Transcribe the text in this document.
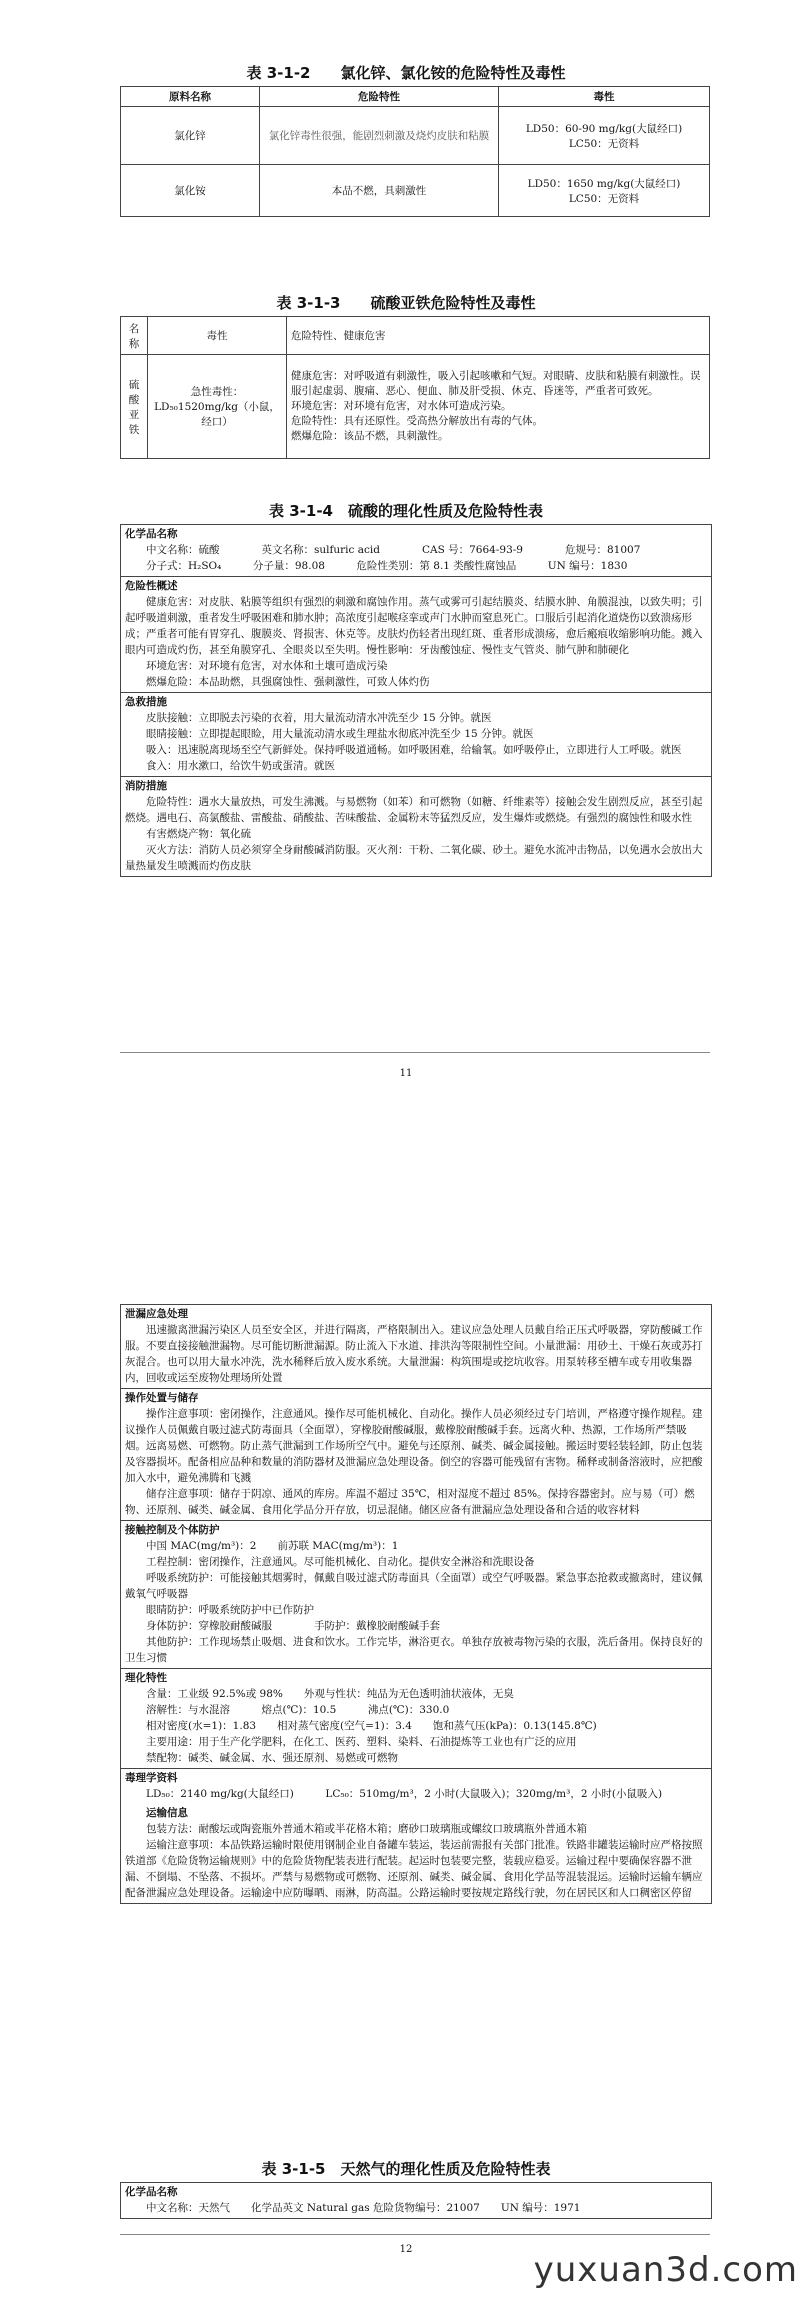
表 3-1-2　　氯化锌、氯化铵的危险特性及毒性
原料名称	危险特性	毒性
氯化锌	氯化锌毒性很强，能剧烈刺激及烧灼皮肤和粘膜	LD50：60-90 mg/kg(大鼠经口)
LC50：无资料
氯化铵	本品不燃，具刺激性	LD50：1650 mg/kg(大鼠经口)
LC50：无资料
表 3-1-3　　硫酸亚铁危险特性及毒性
名称	毒性	危险特性、健康危害
硫酸亚铁	急性毒性：
LD₅₀1520mg/kg（小鼠，经口）	健康危害：对呼吸道有刺激性，吸入引起咳嗽和气短。对眼睛、皮肤和粘膜有刺激性。误服引起虚弱、腹痛、恶心、便血、肺及肝受损、休克、昏迷等，严重者可致死。
环境危害：对环境有危害，对水体可造成污染。
危险特性：具有还原性。受高热分解放出有毒的气体。
燃爆危险：该品不燃，具刺激性。
表 3-1-4　硫酸的理化性质及危险特性表
化学品名称

中文名称：硫酸　　　　英文名称：sulfuric acid　　　　CAS 号：7664-93-9　　　　危规号：81007

分子式：H₂SO₄　　　分子量：98.08　　　危险性类别：第 8.1 类酸性腐蚀品　　　UN 编号：1830

危险性概述

健康危害：对皮肤、粘膜等组织有强烈的刺激和腐蚀作用。蒸气或雾可引起结膜炎、结膜水肿、角膜混浊，以致失明；引起呼吸道刺激，重者发生呼吸困难和肺水肿；高浓度引起喉痉挛或声门水肿而窒息死亡。口服后引起消化道烧伤以致溃疡形成；严重者可能有胃穿孔、腹膜炎、肾损害、休克等。皮肤灼伤轻者出现红斑、重者形成溃疡，愈后瘢痕收缩影响功能。溅入眼内可造成灼伤，甚至角膜穿孔、全眼炎以至失明。慢性影响：牙齿酸蚀症、慢性支气管炎、肺气肿和肺硬化

环境危害：对环境有危害，对水体和土壤可造成污染

燃爆危险：本品助燃，具强腐蚀性、强刺激性，可致人体灼伤

急救措施

皮肤接触：立即脱去污染的衣着，用大量流动清水冲洗至少 15 分钟。就医

眼睛接触：立即提起眼睑，用大量流动清水或生理盐水彻底冲洗至少 15 分钟。就医

吸入：迅速脱离现场至空气新鲜处。保持呼吸道通畅。如呼吸困难，给输氧。如呼吸停止，立即进行人工呼吸。就医

食入：用水漱口，给饮牛奶或蛋清。就医

消防措施

危险特性：遇水大量放热，可发生沸溅。与易燃物（如苯）和可燃物（如糖、纤维素等）接触会发生剧烈反应，甚至引起燃烧。遇电石、高氯酸盐、雷酸盐、硝酸盐、苦味酸盐、金属粉末等猛烈反应，发生爆炸或燃烧。有强烈的腐蚀性和吸水性

有害燃烧产物：氧化硫

灭火方法：消防人员必须穿全身耐酸碱消防服。灭火剂：干粉、二氧化碳、砂土。避免水流冲击物品，以免遇水会放出大量热量发生喷溅而灼伤皮肤

11
泄漏应急处理

迅速撤离泄漏污染区人员至安全区，并进行隔离，严格限制出入。建议应急处理人员戴自给正压式呼吸器，穿防酸碱工作服。不要直接接触泄漏物。尽可能切断泄漏源。防止流入下水道、排洪沟等限制性空间。小量泄漏：用砂土、干燥石灰或苏打灰混合。也可以用大量水冲洗，洗水稀释后放入废水系统。大量泄漏：构筑围堤或挖坑收容。用泵转移至槽车或专用收集器内，回收或运至废物处理场所处置

操作处置与储存

操作注意事项：密闭操作，注意通风。操作尽可能机械化、自动化。操作人员必须经过专门培训，严格遵守操作规程。建议操作人员佩戴自吸过滤式防毒面具（全面罩），穿橡胶耐酸碱服，戴橡胶耐酸碱手套。远离火种、热源，工作场所严禁吸烟。远离易燃、可燃物。防止蒸气泄漏到工作场所空气中。避免与还原剂、碱类、碱金属接触。搬运时要轻装轻卸，防止包装及容器损坏。配备相应品种和数量的消防器材及泄漏应急处理设备。倒空的容器可能残留有害物。稀释或制备溶液时，应把酸加入水中，避免沸腾和飞溅

储存注意事项：储存于阴凉、通风的库房。库温不超过 35℃，相对湿度不超过 85%。保持容器密封。应与易（可）燃物、还原剂、碱类、碱金属、食用化学品分开存放，切忌混储。储区应备有泄漏应急处理设备和合适的收容材料

接触控制及个体防护

中国 MAC(mg/m³)：2　　前苏联 MAC(mg/m³)：1

工程控制：密闭操作，注意通风。尽可能机械化、自动化。提供安全淋浴和洗眼设备

呼吸系统防护：可能接触其烟雾时，佩戴自吸过滤式防毒面具（全面罩）或空气呼吸器。紧急事态抢救或撤离时，建议佩戴氧气呼吸器

眼睛防护：呼吸系统防护中已作防护

身体防护：穿橡胶耐酸碱服　　　　手防护：戴橡胶耐酸碱手套

其他防护：工作现场禁止吸烟、进食和饮水。工作完毕，淋浴更衣。单独存放被毒物污染的衣服，洗后备用。保持良好的卫生习惯

理化特性

含量：工业级 92.5%或 98%　　外观与性状：纯品为无色透明油状液体，无臭

溶解性：与水混溶　　　熔点(℃)：10.5　　　沸点(℃)：330.0

相对密度(水=1)：1.83　　相对蒸气密度(空气=1)：3.4　　饱和蒸气压(kPa)：0.13(145.8℃)

主要用途：用于生产化学肥料，在化工、医药、塑料、染料、石油提炼等工业也有广泛的应用

禁配物：碱类、碱金属、水、强还原剂、易燃或可燃物

毒理学资料

LD₅₀：2140 mg/kg(大鼠经口)　　　LC₅₀：510mg/m³，2 小时(大鼠吸入)；320mg/m³，2 小时(小鼠吸入)

运输信息

包装方法：耐酸坛或陶瓷瓶外普通木箱或半花格木箱；磨砂口玻璃瓶或螺纹口玻璃瓶外普通木箱

运输注意事项：本品铁路运输时限使用钢制企业自备罐车装运，装运前需报有关部门批准。铁路非罐装运输时应严格按照铁道部《危险货物运输规则》中的危险货物配装表进行配装。起运时包装要完整，装载应稳妥。运输过程中要确保容器不泄漏、不倒塌、不坠落、不损坏。严禁与易燃物或可燃物、还原剂、碱类、碱金属、食用化学品等混装混运。运输时运输车辆应配备泄漏应急处理设备。运输途中应防曝晒、雨淋，防高温。公路运输时要按规定路线行驶，勿在居民区和人口稠密区停留

表 3-1-5　天然气的理化性质及危险特性表
化学品名称

中文名称：天然气　　化学品英文 Natural gas 危险货物编号：21007　　UN 编号：1971

12
yuxuan3d.com
